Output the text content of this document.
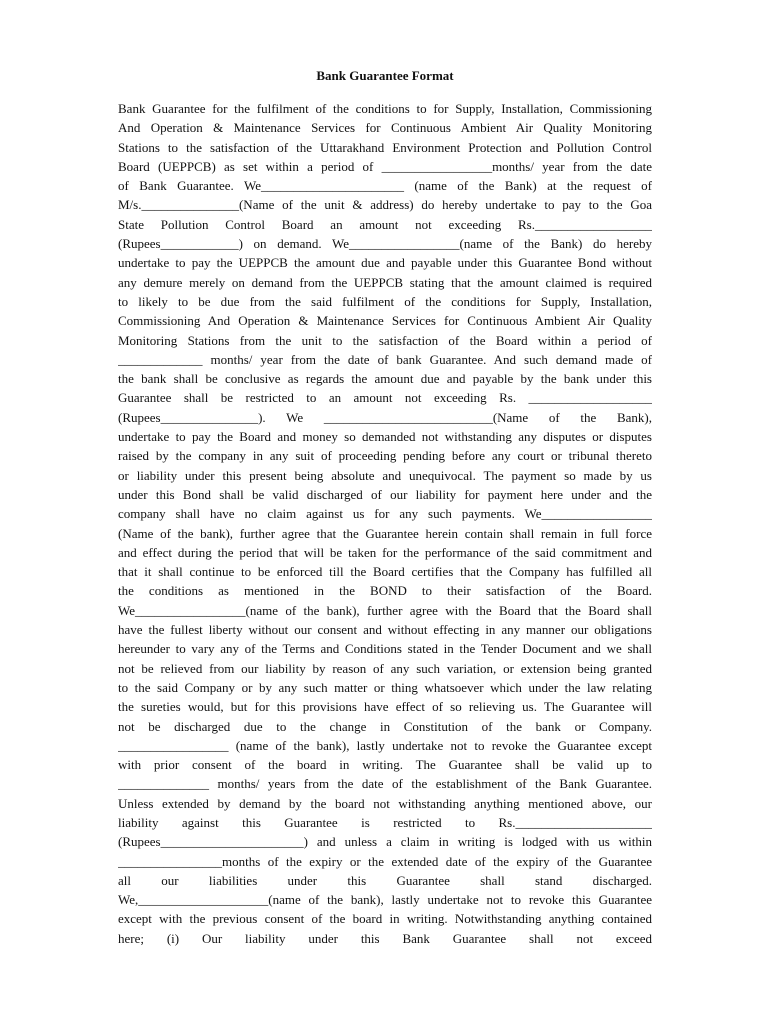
Bank Guarantee Format
Bank Guarantee for the fulfilment of the conditions to for Supply, Installation, Commissioning
And Operation & Maintenance Services for Continuous Ambient Air Quality Monitoring
Stations to the satisfaction of the Uttarakhand Environment Protection and Pollution Control
Board (UEPPCB) as set within a period of _________________months/ year from the date
of Bank Guarantee. We______________________ (name of the Bank) at the request of
M/s._______________(Name of the unit & address) do hereby undertake to pay to the Goa
State Pollution Control Board an amount not exceeding Rs.__________________
(Rupees____________) on demand. We_________________(name of the Bank) do hereby
undertake to pay the UEPPCB the amount due and payable under this Guarantee Bond without
any demure merely on demand from the UEPPCB stating that the amount claimed is required
to likely to be due from the said fulfilment of the conditions for Supply, Installation,
Commissioning And Operation & Maintenance Services for Continuous Ambient Air Quality
Monitoring Stations from the unit to the satisfaction of the Board within a period of
_____________ months/ year from the date of bank Guarantee. And such demand made of
the bank shall be conclusive as regards the amount due and payable by the bank under this
Guarantee shall be restricted to an amount not exceeding Rs. ___________________
(Rupees_______________). We __________________________(Name of the Bank),
undertake to pay the Board and money so demanded not withstanding any disputes or disputes
raised by the company in any suit of proceeding pending before any court or tribunal thereto
or liability under this present being absolute and unequivocal. The payment so made by us
under this Bond shall be valid discharged of our liability for payment here under and the
company shall have no claim against us for any such payments. We_________________
(Name of the bank), further agree that the Guarantee herein contain shall remain in full force
and effect during the period that will be taken for the performance of the said commitment and
that it shall continue to be enforced till the Board certifies that the Company has fulfilled all
the conditions as mentioned in the BOND to their satisfaction of the Board.
We_________________(name of the bank), further agree with the Board that the Board shall
have the fullest liberty without our consent and without effecting in any manner our obligations
hereunder to vary any of the Terms and Conditions stated in the Tender Document and we shall
not be relieved from our liability by reason of any such variation, or extension being granted
to the said Company or by any such matter or thing whatsoever which under the law relating
the sureties would, but for this provisions have effect of so relieving us. The Guarantee will
not be discharged due to the change in Constitution of the bank or Company.
_________________ (name of the bank), lastly undertake not to revoke the Guarantee except
with prior consent of the board in writing. The Guarantee shall be valid up to
______________ months/ years from the date of the establishment of the Bank Guarantee.
Unless extended by demand by the board not withstanding anything mentioned above, our
liability against this Guarantee is restricted to Rs._____________________
(Rupees______________________) and unless a claim in writing is lodged with us within
________________months of the expiry or the extended date of the expiry of the Guarantee
all our liabilities under this Guarantee shall stand discharged.
We,____________________(name of the bank), lastly undertake not to revoke this Guarantee
except with the previous consent of the board in writing. Notwithstanding anything contained
here; (i) Our liability under this Bank Guarantee shall not exceed
